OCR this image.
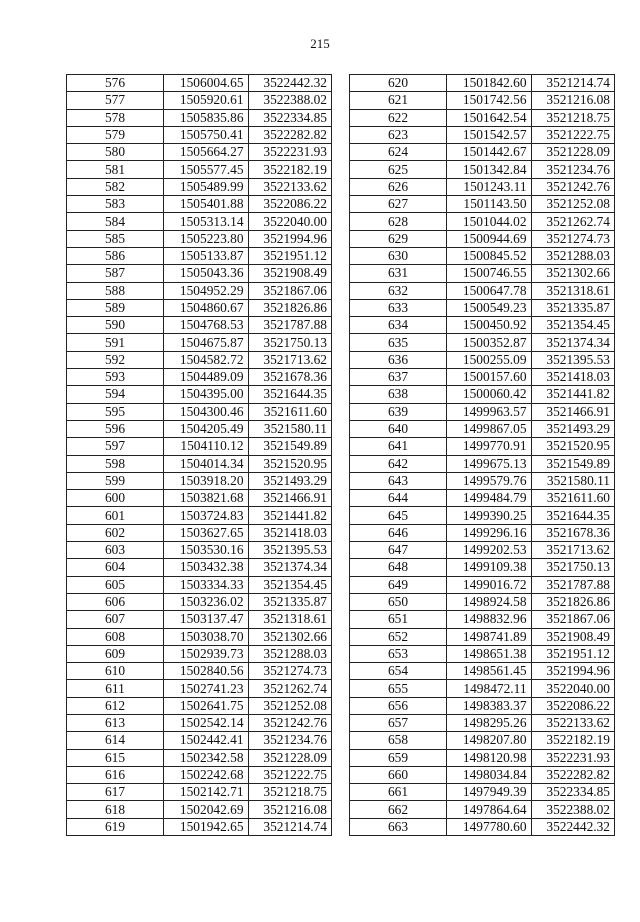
215
576	1506004.65	3522442.32
577	1505920.61	3522388.02
578	1505835.86	3522334.85
579	1505750.41	3522282.82
580	1505664.27	3522231.93
581	1505577.45	3522182.19
582	1505489.99	3522133.62
583	1505401.88	3522086.22
584	1505313.14	3522040.00
585	1505223.80	3521994.96
586	1505133.87	3521951.12
587	1505043.36	3521908.49
588	1504952.29	3521867.06
589	1504860.67	3521826.86
590	1504768.53	3521787.88
591	1504675.87	3521750.13
592	1504582.72	3521713.62
593	1504489.09	3521678.36
594	1504395.00	3521644.35
595	1504300.46	3521611.60
596	1504205.49	3521580.11
597	1504110.12	3521549.89
598	1504014.34	3521520.95
599	1503918.20	3521493.29
600	1503821.68	3521466.91
601	1503724.83	3521441.82
602	1503627.65	3521418.03
603	1503530.16	3521395.53
604	1503432.38	3521374.34
605	1503334.33	3521354.45
606	1503236.02	3521335.87
607	1503137.47	3521318.61
608	1503038.70	3521302.66
609	1502939.73	3521288.03
610	1502840.56	3521274.73
611	1502741.23	3521262.74
612	1502641.75	3521252.08
613	1502542.14	3521242.76
614	1502442.41	3521234.76
615	1502342.58	3521228.09
616	1502242.68	3521222.75
617	1502142.71	3521218.75
618	1502042.69	3521216.08
619	1501942.65	3521214.74
620	1501842.60	3521214.74
621	1501742.56	3521216.08
622	1501642.54	3521218.75
623	1501542.57	3521222.75
624	1501442.67	3521228.09
625	1501342.84	3521234.76
626	1501243.11	3521242.76
627	1501143.50	3521252.08
628	1501044.02	3521262.74
629	1500944.69	3521274.73
630	1500845.52	3521288.03
631	1500746.55	3521302.66
632	1500647.78	3521318.61
633	1500549.23	3521335.87
634	1500450.92	3521354.45
635	1500352.87	3521374.34
636	1500255.09	3521395.53
637	1500157.60	3521418.03
638	1500060.42	3521441.82
639	1499963.57	3521466.91
640	1499867.05	3521493.29
641	1499770.91	3521520.95
642	1499675.13	3521549.89
643	1499579.76	3521580.11
644	1499484.79	3521611.60
645	1499390.25	3521644.35
646	1499296.16	3521678.36
647	1499202.53	3521713.62
648	1499109.38	3521750.13
649	1499016.72	3521787.88
650	1498924.58	3521826.86
651	1498832.96	3521867.06
652	1498741.89	3521908.49
653	1498651.38	3521951.12
654	1498561.45	3521994.96
655	1498472.11	3522040.00
656	1498383.37	3522086.22
657	1498295.26	3522133.62
658	1498207.80	3522182.19
659	1498120.98	3522231.93
660	1498034.84	3522282.82
661	1497949.39	3522334.85
662	1497864.64	3522388.02
663	1497780.60	3522442.32
